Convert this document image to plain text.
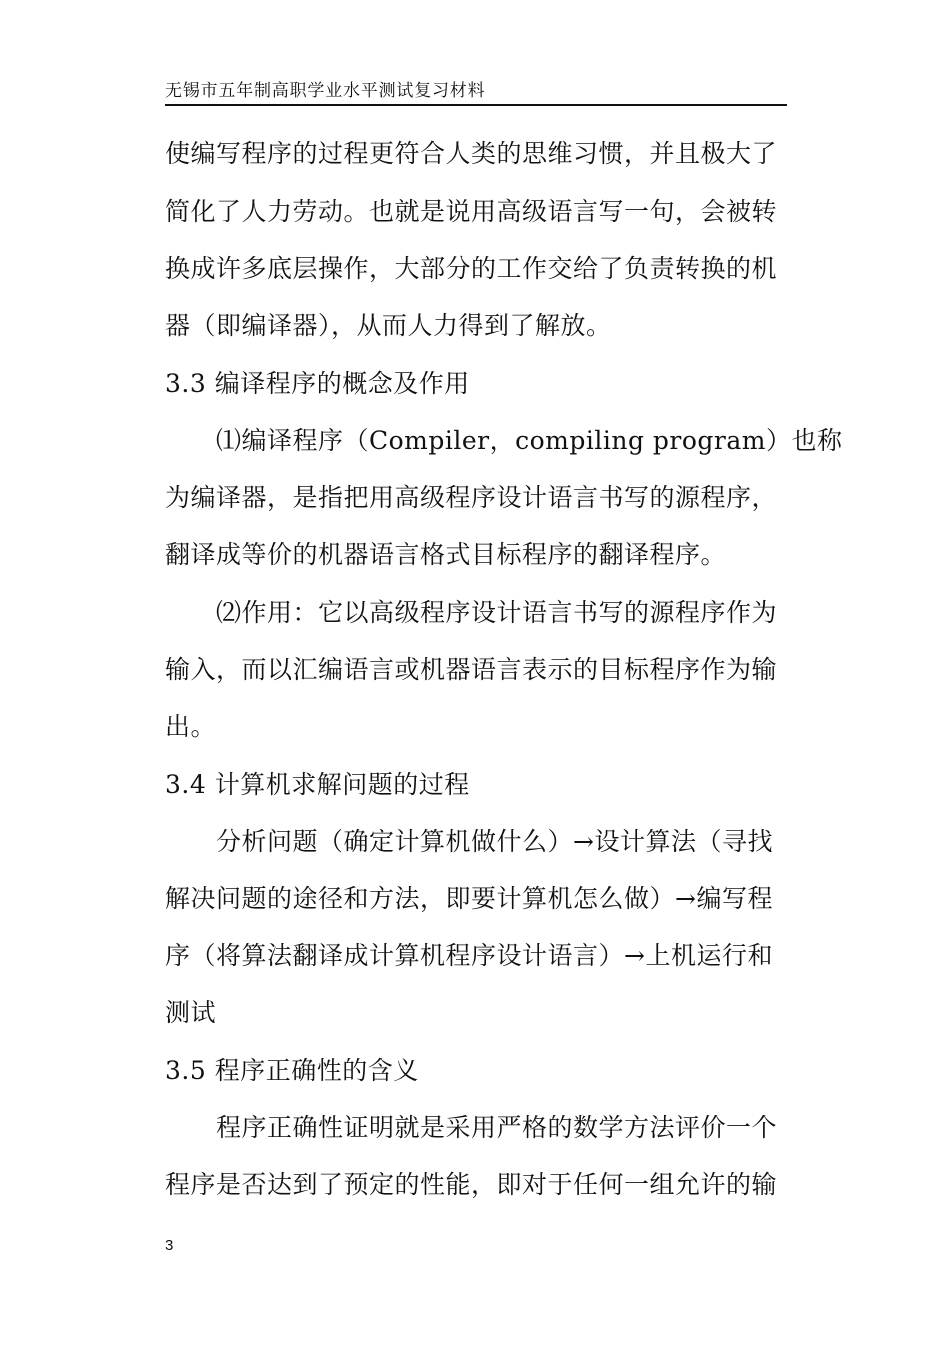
无锡市五年制高职学业水平测试复习材料
使编写程序的过程更符合人类的思维习惯，并且极大了
简化了人力劳动。也就是说用高级语言写一句，会被转
换成许多底层操作，大部分的工作交给了负责转换的机
器（即编译器），从而人力得到了解放。
3.3 编译程序的概念及作用
⑴编译程序（Compiler，compiling program）也称
为编译器，是指把用高级程序设计语言书写的源程序，
翻译成等价的机器语言格式目标程序的翻译程序。
⑵作用：它以高级程序设计语言书写的源程序作为
输入，而以汇编语言或机器语言表示的目标程序作为输
出。
3.4 计算机求解问题的过程
分析问题（确定计算机做什么）→设计算法（寻找
解决问题的途径和方法，即要计算机怎么做）→编写程
序（将算法翻译成计算机程序设计语言）→上机运行和
测试
3.5 程序正确性的含义
程序正确性证明就是采用严格的数学方法评价一个
程序是否达到了预定的性能，即对于任何一组允许的输
3
